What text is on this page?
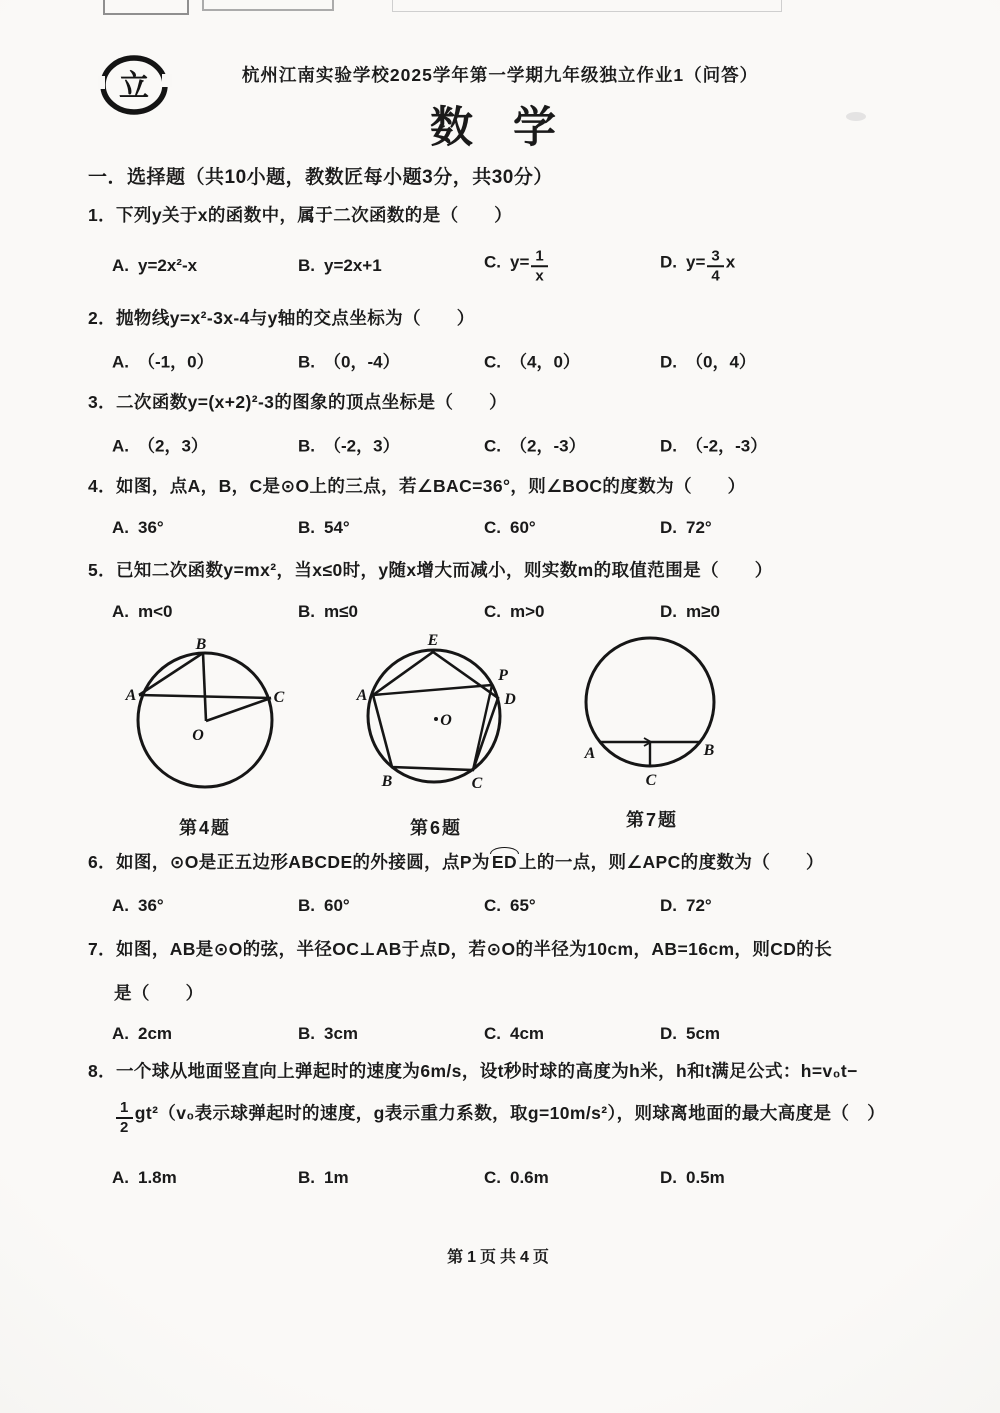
立	杭州江南实验学校2025学年第一学期九年级独立作业1（问答）
数 学
一．选择题（共10小题，教数匠每小题3分，共30分）
1．下列y关于x的函数中，属于二次函数的是（　　）
A. y=2x²-x	B. y=2x+1	C. $y= \frac{1}{x}$	D. $y= \frac{3}{4}$ x
2．抛物线y=x²-3x-4与y轴的交点坐标为（　　）
A. （-1，0）	B. （0，-4）	C. （4，0）	D. （0，4）
3．二次函数y=(x+2)²-3的图象的顶点坐标是（　　）
A. （2，3）	B. （-2，3）	C. （2，-3）	D. （-2，-3）
4．如图，点A，B，C是⊙O上的三点，若∠BAC=36°，则∠BOC的度数为（　　）
A. 36°	B. 54°	C. 60°	D. 72°
5．已知二次函数y=mx²，当x≤0时，y随x增大而减小，则实数m的取值范围是（　　）
A. m<0	B. m≤0	C. m>0	D. m≥0
A
B
C
O
第4题
O
A
B	C
D
P
E
第6题
A	B
C
第7题
6．如图，⊙O是正五边形ABCDE的外接圆，点P为 ED 上的一点，则∠APC的度数为（　　）
A. 36°	B. 60°	C. 65°	D. 72°
7．如图，AB是⊙O的弦，半径OC⊥AB于点D，若⊙O的半径为10cm，AB=16cm，则CD的长
是（　　）
A. 2cm	B. 3cm	C. 4cm	D. 5cm
8．一个球从地面竖直向上弹起时的速度为6m/s，设t秒时球的高度为h米，h和t满足公式：h=v₀t−
$\frac{1}{2} gt^2(v_0$表示球弹起时的速度，g表示重力系数，取g=10m/s²），则球离地面的最大高度是（　）
A. 1.8m	B. 1m	C. 0.6m	D. 0.5m
第1页共4页
